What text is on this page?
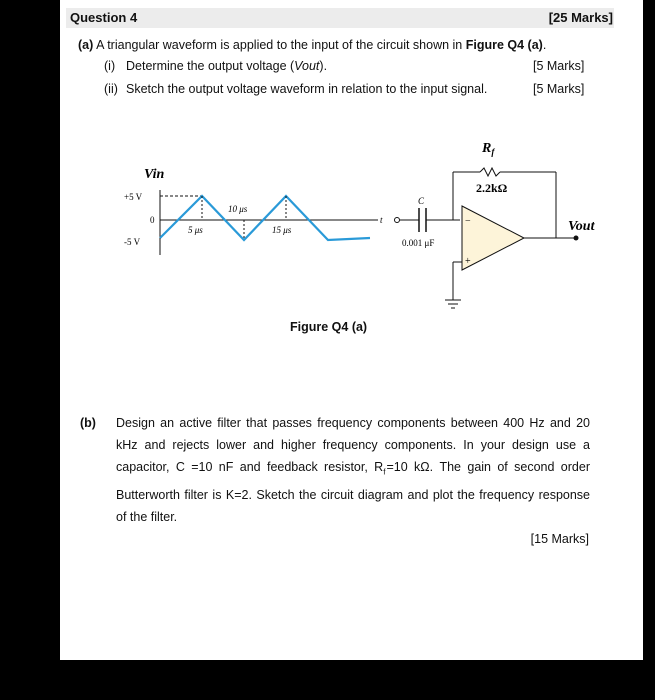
Question 4	[25 Marks]
(a) A triangular waveform is applied to the input of the circuit shown in Figure Q4 (a).
(i) Determine the output voltage (Vout).	[5 Marks]
(ii) Sketch the output voltage waveform in relation to the input signal.	[5 Marks]
Vin
+5 V
0
-5 V
t
5 μs
10 μs
15 μs
C
0.001 μF
$R_f$
2.2kΩ
−
+
Vout
Figure Q4 (a)
(b) Design an active filter that passes frequency components between 400 Hz and 20 kHz and rejects lower and higher frequency components. In your design use a capacitor, C =10 nF and feedback resistor, $R_f$ =10 kΩ. The gain of second order Butterworth filter is K=2. Sketch the circuit diagram and plot the frequency response of the filter.
[15 Marks]
